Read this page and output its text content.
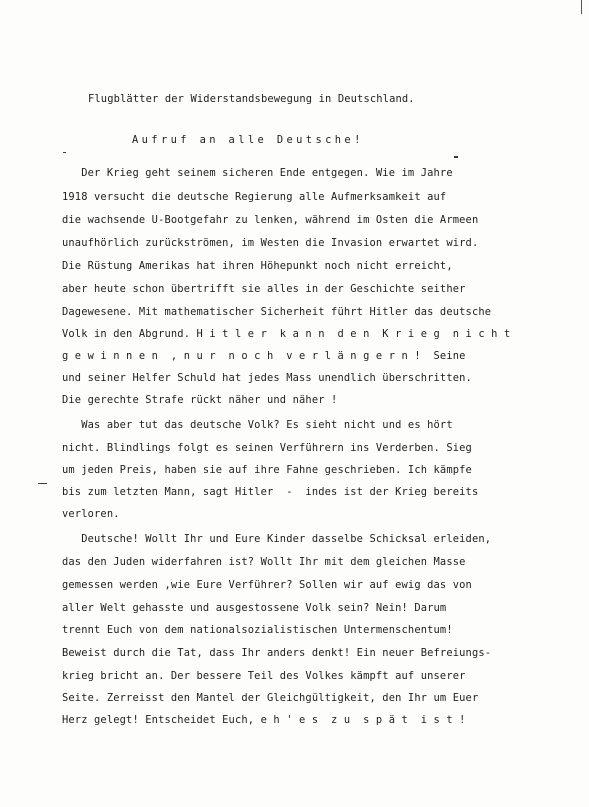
Flugblätter der Widerstandsbewegung in Deutschland.
Aufruf an alle Deutsche!
Der Krieg geht seinem sicheren Ende entgegen. Wie im Jahre
1918 versucht die deutsche Regierung alle Aufmerksamkeit auf
die wachsende U-Bootgefahr zu lenken, während im Osten die Armeen
unaufhörlich zurückströmen, im Westen die Invasion erwartet wird.
Die Rüstung Amerikas hat ihren Höhepunkt noch nicht erreicht,
aber heute schon übertrifft sie alles in der Geschichte seither
Dagewesene. Mit mathematischer Sicherheit führt Hitler das deutsche
Volk in den Abgrund. H i t l e r  k a n n  d e n  K r i e g  n i c h t
g e w i n n e n  , n u r  n o c h  v e r l ä n g e r n !  Seine
und seiner Helfer Schuld hat jedes Mass unendlich überschritten.
Die gerechte Strafe rückt näher und näher !
Was aber tut das deutsche Volk? Es sieht nicht und es hört
nicht. Blindlings folgt es seinen Verführern ins Verderben. Sieg
um jeden Preis, haben sie auf ihre Fahne geschrieben. Ich kämpfe
bis zum letzten Mann, sagt Hitler  -  indes ist der Krieg bereits
verloren.
Deutsche! Wollt Ihr und Eure Kinder dasselbe Schicksal erleiden,
das den Juden widerfahren ist? Wollt Ihr mit dem gleichen Masse
gemessen werden ,wie Eure Verführer? Sollen wir auf ewig das von
aller Welt gehasste und ausgestossene Volk sein? Nein! Darum
trennt Euch von dem nationalsozialistischen Untermenschentum!
Beweist durch die Tat, dass Ihr anders denkt! Ein neuer Befreiungs-
krieg bricht an. Der bessere Teil des Volkes kämpft auf unserer
Seite. Zerreisst den Mantel der Gleichgültigkeit, den Ihr um Euer
Herz gelegt! Entscheidet Euch, e h ' e s  z u  s p ä t  i s t !
